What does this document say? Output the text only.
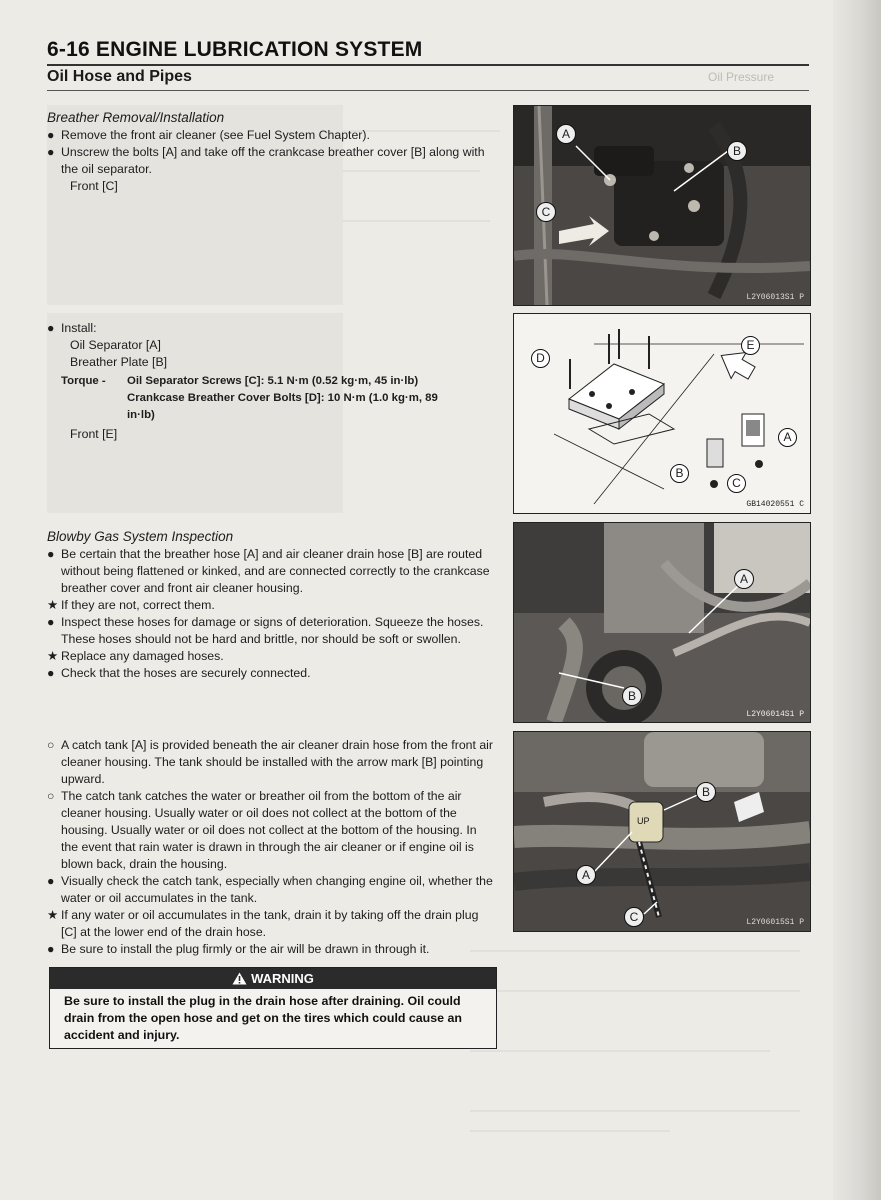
Oil Pressure
6-16 ENGINE LUBRICATION SYSTEM
Oil Hose and Pipes
Breather Removal/Installation
● Remove the front air cleaner (see Fuel System Chapter).
● Unscrew the bolts [A] and take off the crankcase breather cover [B] along with the oil separator.
Front [C]
● Install:
Oil Separator [A]
Breather Plate [B]
Torque -	Oil Separator Screws [C]: 5.1 N·m (0.52 kg·m, 45 in·lb)
Crankcase Breather Cover Bolts [D]: 10 N·m (1.0 kg·m, 89 in·lb)
Front [E]
Blowby Gas System Inspection
● Be certain that the breather hose [A] and air cleaner drain hose [B] are routed without being flattened or kinked, and are connected correctly to the crankcase breather cover and front air cleaner housing.
★ If they are not, correct them.
● Inspect these hoses for damage or signs of deterioration. Squeeze the hoses. These hoses should not be hard and brittle, nor should be soft or swollen.
★ Replace any damaged hoses.
● Check that the hoses are securely connected.
○ A catch tank [A] is provided beneath the air cleaner drain hose from the front air cleaner housing. The tank should be installed with the arrow mark [B] pointing upward.
○ The catch tank catches the water or breather oil from the bottom of the air cleaner housing. Usually water or oil does not collect at the bottom of the housing. Usually water or oil does not collect at the bottom of the housing. In the event that rain water is drawn in through the air cleaner or if engine oil is blown back, drain the housing.
● Visually check the catch tank, especially when changing engine oil, whether the water or oil accumulates in the tank.
★ If any water or oil accumulates in the tank, drain it by taking off the drain plug [C] at the lower end of the drain hose.
● Be sure to install the plug firmly or the air will be drawn in through it.
WARNING
Be sure to install the plug in the drain hose after draining. Oil could drain from the open hose and get on the tires which could cause an accident and injury.
A
B
C
L2Y06013S1 P
A
B
C
D
E
GB14020551 C
A
B
L2Y06014S1 P
UP
A
B
C	L2Y06015S1 P
